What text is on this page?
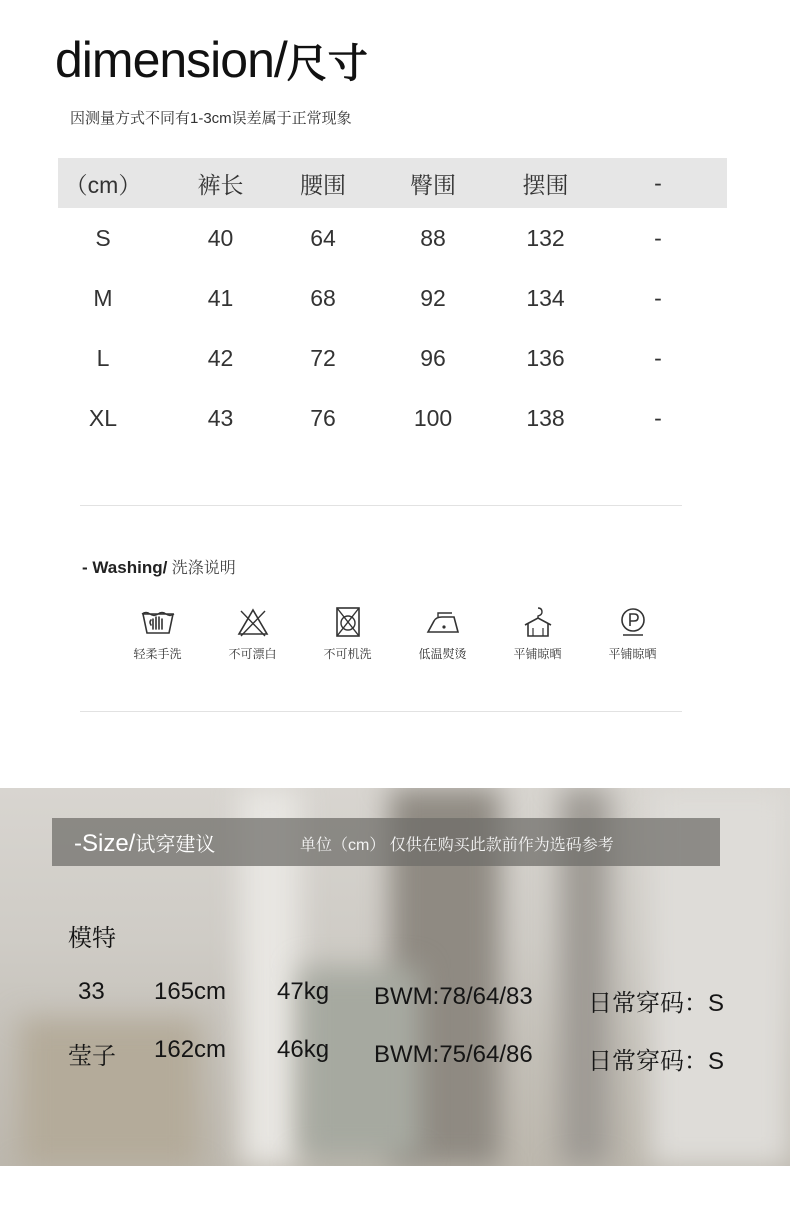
dimension/尺寸
因测量方式不同有1-3cm误差属于正常现象
（cm）	裤长	腰围	臀围	摆围	-
S	40	64	88	132	-
M	41	68	92	134	-
L	42	72	96	136	-
XL	43	76	100	138	-
- Washing/ 洗涤说明
轻柔手洗	不可漂白	不可机洗	低温熨烫	平铺晾晒	平铺晾晒
-Size/试穿建议	单位（cm） 仅供在购买此款前作为选码参考
模特
33 165cm 47kg BWM:78/64/83 日常穿码：S
莹子 162cm 46kg BWM:75/64/86 日常穿码：S
